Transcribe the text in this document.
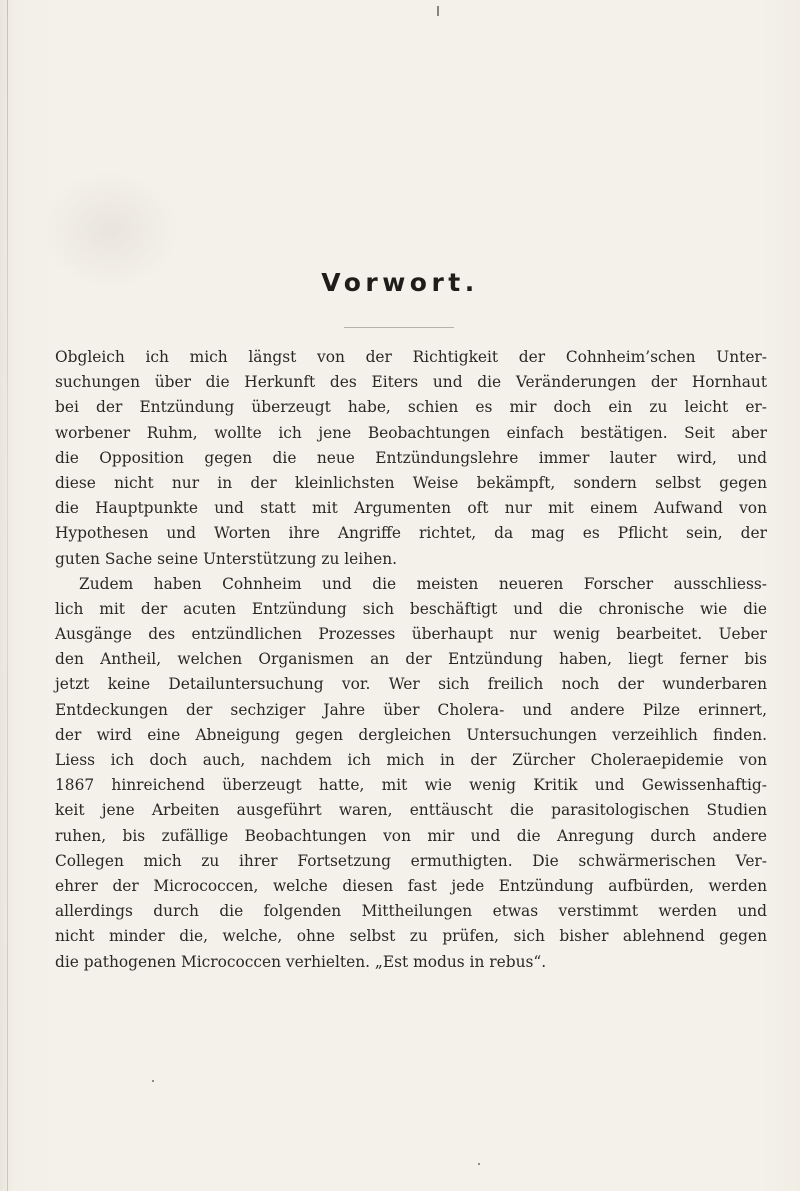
Vorwort.
Obgleich ich mich längst von der Richtigkeit der Cohnheim’schen Unter-
suchungen über die Herkunft des Eiters und die Veränderungen der Hornhaut
bei der Entzündung überzeugt habe, schien es mir doch ein zu leicht er-
worbener Ruhm, wollte ich jene Beobachtungen einfach bestätigen. Seit aber
die Opposition gegen die neue Entzündungslehre immer lauter wird, und
diese nicht nur in der kleinlichsten Weise bekämpft, sondern selbst gegen
die Hauptpunkte und statt mit Argumenten oft nur mit einem Aufwand von
Hypothesen und Worten ihre Angriffe richtet, da mag es Pflicht sein, der
guten Sache seine Unterstützung zu leihen.
Zudem haben Cohnheim und die meisten neueren Forscher ausschliess-
lich mit der acuten Entzündung sich beschäftigt und die chronische wie die
Ausgänge des entzündlichen Prozesses überhaupt nur wenig bearbeitet. Ueber
den Antheil, welchen Organismen an der Entzündung haben, liegt ferner bis
jetzt keine Detailuntersuchung vor. Wer sich freilich noch der wunderbaren
Entdeckungen der sechziger Jahre über Cholera- und andere Pilze erinnert,
der wird eine Abneigung gegen dergleichen Untersuchungen verzeihlich finden.
Liess ich doch auch, nachdem ich mich in der Zürcher Choleraepidemie von
1867 hinreichend überzeugt hatte, mit wie wenig Kritik und Gewissenhaftig-
keit jene Arbeiten ausgeführt waren, enttäuscht die parasitologischen Studien
ruhen, bis zufällige Beobachtungen von mir und die Anregung durch andere
Collegen mich zu ihrer Fortsetzung ermuthigten. Die schwärmerischen Ver-
ehrer der Micrococcen, welche diesen fast jede Entzündung aufbürden, werden
allerdings durch die folgenden Mittheilungen etwas verstimmt werden und
nicht minder die, welche, ohne selbst zu prüfen, sich bisher ablehnend gegen
die pathogenen Micrococcen verhielten. „Est modus in rebus“.
